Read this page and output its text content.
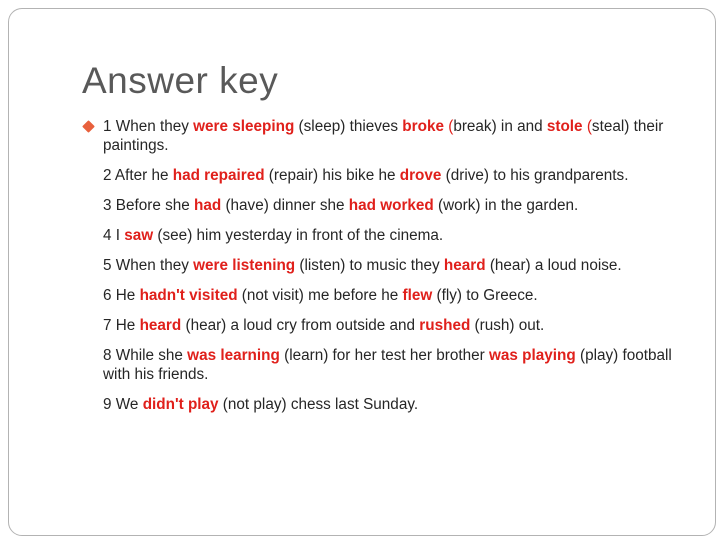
Answer key
1 When they were sleeping (sleep) thieves broke (break) in and stole (steal) their paintings.
2 After he had repaired (repair) his bike he drove (drive) to his grandparents.
3 Before she had (have) dinner she had worked (work) in the garden.
4 I saw (see) him yesterday in front of the cinema.
5 When they were listening (listen) to music they heard (hear) a loud noise.
6 He hadn't visited (not visit) me before he flew (fly) to Greece.
7 He heard (hear) a loud cry from outside and rushed (rush) out.
8 While she was learning (learn) for her test her brother was playing (play) football with his friends.
9 We didn't play (not play) chess last Sunday.
